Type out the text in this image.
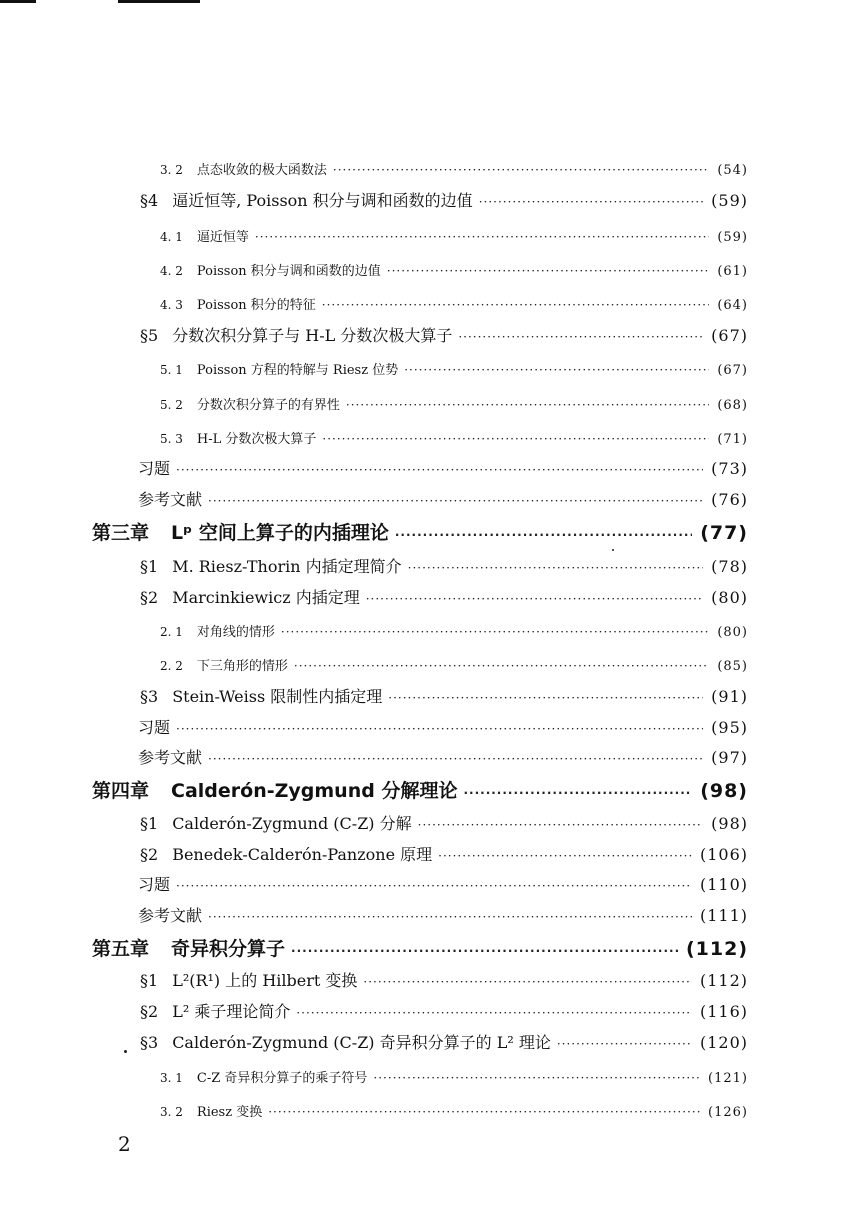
3. 2 点态收敛的极大函数法 ·····	(54)
§4 逼近恒等, Poisson 积分与调和函数的边值 ·····	(59)
4. 1 逼近恒等 ·····	(59)
4. 2 Poisson 积分与调和函数的边值 ·····	(61)
4. 3 Poisson 积分的特征 ·····	(64)
§5 分数次积分算子与 H-L 分数次极大算子 ·····	(67)
5. 1 Poisson 方程的特解与 Riesz 位势 ·····	(67)
5. 2 分数次积分算子的有界性 ·····	(68)
5. 3 H-L 分数次极大算子 ·····	(71)
习题 ·····	(73)
参考文献 ·····	(76)
第三章 Lᵖ 空间上算子的内插理论 ·····	(77)
§1 M. Riesz-Thorin 内插定理简介 ·····	(78)
§2 Marcinkiewicz 内插定理 ·····	(80)
2. 1 对角线的情形 ·····	(80)
2. 2 下三角形的情形 ·····	(85)
§3 Stein-Weiss 限制性内插定理 ·····	(91)
习题 ·····	(95)
参考文献 ·····	(97)
第四章 Calderón-Zygmund 分解理论 ·····	(98)
§1 Calderón-Zygmund (C-Z) 分解 ·····	(98)
§2 Benedek-Calderón-Panzone 原理 ·····	(106)
习题 ·····	(110)
参考文献 ·····	(111)
第五章 奇异积分算子 ·····	(112)
§1 L²(R¹) 上的 Hilbert 变换 ·····	(112)
§2 L² 乘子理论简介 ·····	(116)
§3 Calderón-Zygmund (C-Z) 奇异积分算子的 L² 理论 ·····	(120)
3. 1 C-Z 奇异积分算子的乘子符号 ·····	(121)
3. 2 Riesz 变换 ·····	(126)
2
